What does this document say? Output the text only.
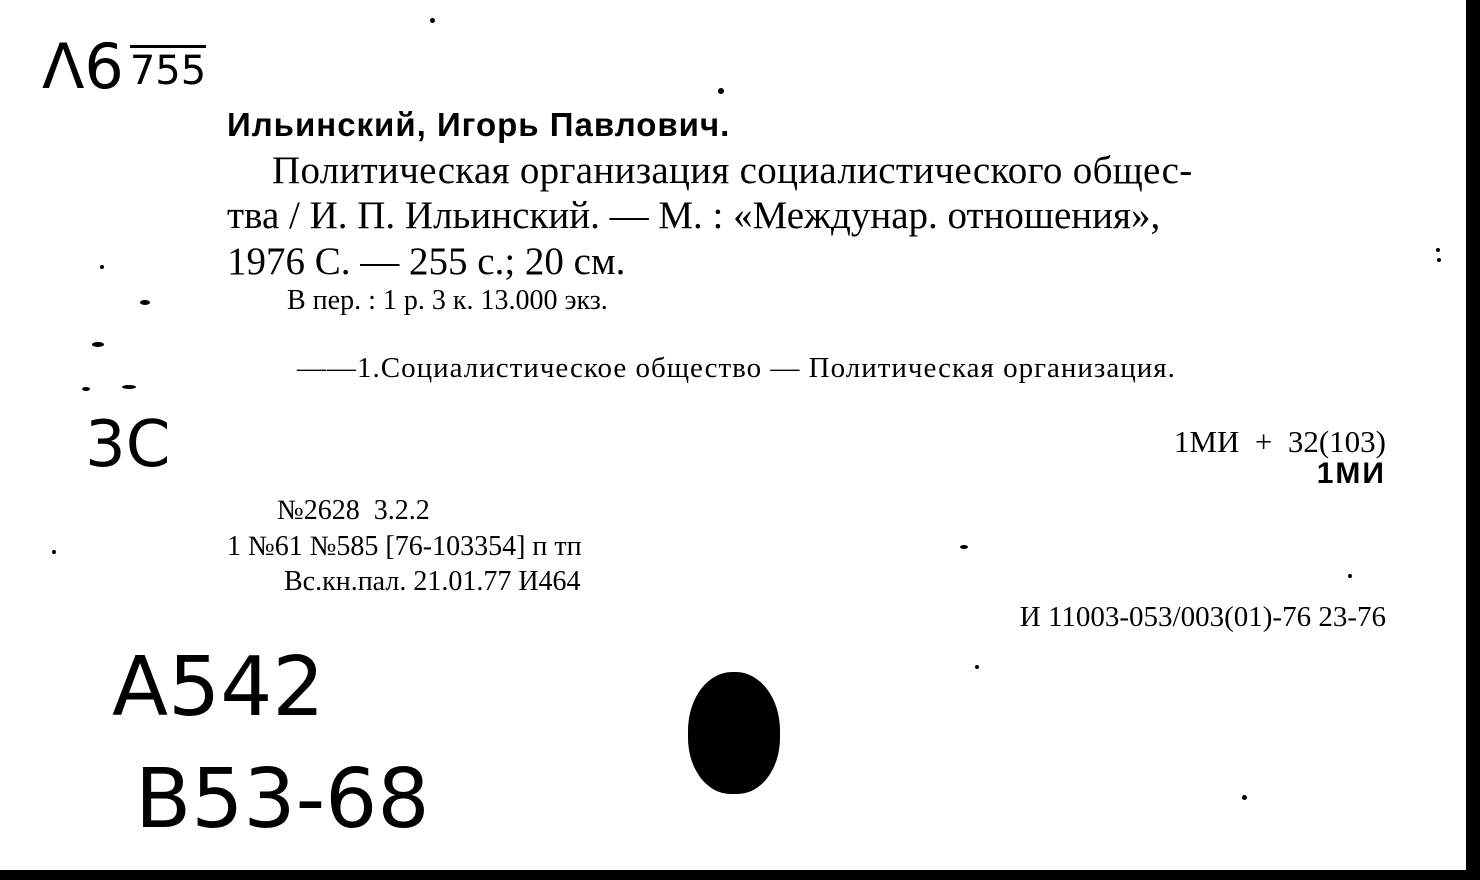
Λ6 755
3C
A542
B53-68
Ильинский, Игорь Павлович.
Политическая организация социалистического общес-
тва / И. П. Ильинский. — М. : «Междунар. отношения»,
1976 С. — 255 с.; 20 см.
В пер. : 1 р. 3 к. 13.000 экз.
——1.Социалистическое общество — Политическая организация.
1МИ  +  32(103)
1МИ
№2628  3.2.2
1 №61 №585 [76-103354] п тп
Вс.кн.пал. 21.01.77 И464
И 11003-053/003(01)-76 23-76
